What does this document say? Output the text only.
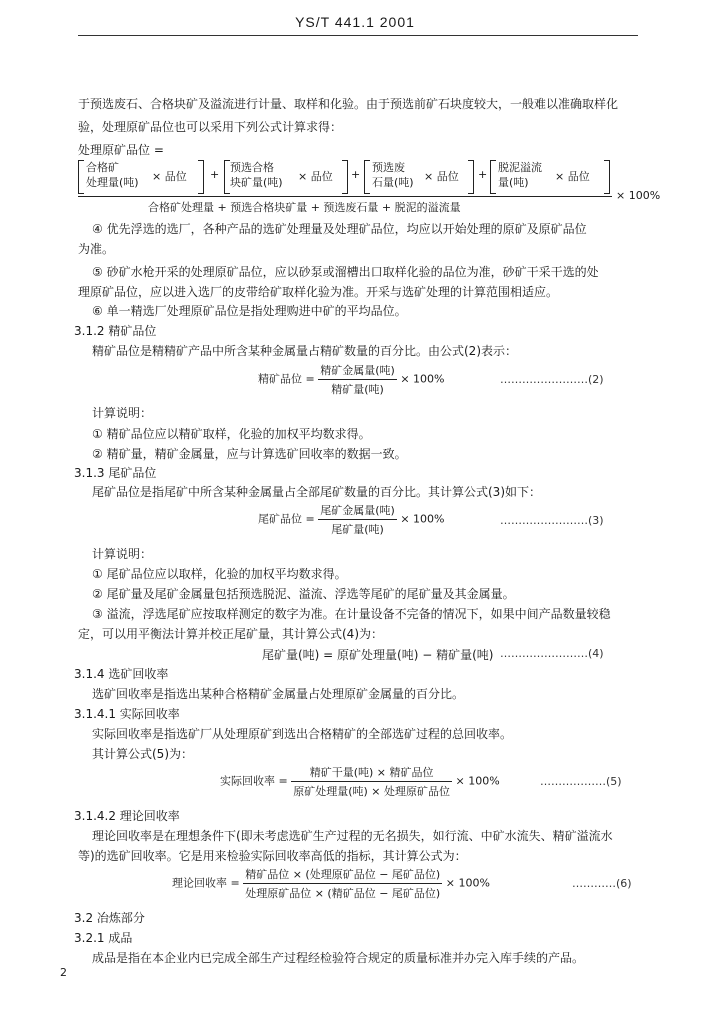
YS/T 441.1 2001
于预选废石、合格块矿及溢流进行计量、取样和化验。由于预选前矿石块度较大，一般难以准确取样化
验，处理原矿品位也可以采用下列公式计算求得：
处理原矿品位 =
合格矿
处理量(吨) × 品位 +
预选合格
块矿量(吨) × 品位 +
预选废
石量(吨) × 品位 +
脱泥溢流
量(吨)	× 品位
× 100%
合格矿处理量 + 预选合格块矿量 + 预选废石量 + 脱泥的溢流量
④ 优先浮选的选厂，各种产品的选矿处理量及处理矿品位，均应以开始处理的原矿及原矿品位
为准。
⑤ 砂矿水枪开采的处理原矿品位，应以砂泵或溜槽出口取样化验的品位为准，砂矿干采干选的处
理原矿品位，应以进入选厂的皮带给矿取样化验为准。开采与选矿处理的计算范围相适应。
⑥ 单一精选厂处理原矿品位是指处理购进中矿的平均品位。
3.1.2 精矿品位
精矿品位是精精矿产品中所含某种金属量占精矿数量的百分比。由公式(2)表示：
精矿品位 = $\frac{\text{精矿金属量(吨)}}{\text{精矿量(吨)}} \times 100\%$	……………………(2)
计算说明：
① 精矿品位应以精矿取样，化验的加权平均数求得。
② 精矿量，精矿金属量，应与计算选矿回收率的数据一致。
3.1.3 尾矿品位
尾矿品位是指尾矿中所含某种金属量占全部尾矿数量的百分比。其计算公式(3)如下：
尾矿品位 = $\frac{\text{尾矿金属量(吨)}}{\text{尾矿量(吨)}} \times 100\%$	……………………(3)
计算说明：
① 尾矿品位应以取样，化验的加权平均数求得。
② 尾矿量及尾矿金属量包括预选脱泥、溢流、浮选等尾矿的尾矿量及其金属量。
③ 溢流，浮选尾矿应按取样测定的数字为准。在计量设备不完备的情况下，如果中间产品数量较稳
定，可以用平衡法计算并校正尾矿量，其计算公式(4)为：
尾矿量(吨) = 原矿处理量(吨) − 精矿量(吨) ……………………(4)
3.1.4 选矿回收率
选矿回收率是指选出某种合格精矿金属量占处理原矿金属量的百分比。
3.1.4.1 实际回收率
实际回收率是指选矿厂从处理原矿到选出合格精矿的全部选矿过程的总回收率。
其计算公式(5)为：
实际回收率 = $\frac{\text{精矿干量(吨) × 精矿品位}}{\text{原矿处理量(吨) × 处理原矿品位}} \times 100\%$	………………(5)
3.1.4.2 理论回收率
理论回收率是在理想条件下(即未考虑选矿生产过程的无名损失，如行流、中矿水流失、精矿溢流水
等)的选矿回收率。它是用来检验实际回收率高低的指标，其计算公式为：
理论回收率 = $\frac{\text{精矿品位 × (处理原矿品位 − 尾矿品位)}}{\text{处理原矿品位 × (精矿品位 − 尾矿品位)}} \times 100\%$	…………(6)
3.2 冶炼部分
3.2.1 成品
成品是指在本企业内已完成全部生产过程经检验符合规定的质量标准并办完入库手续的产品。
2
